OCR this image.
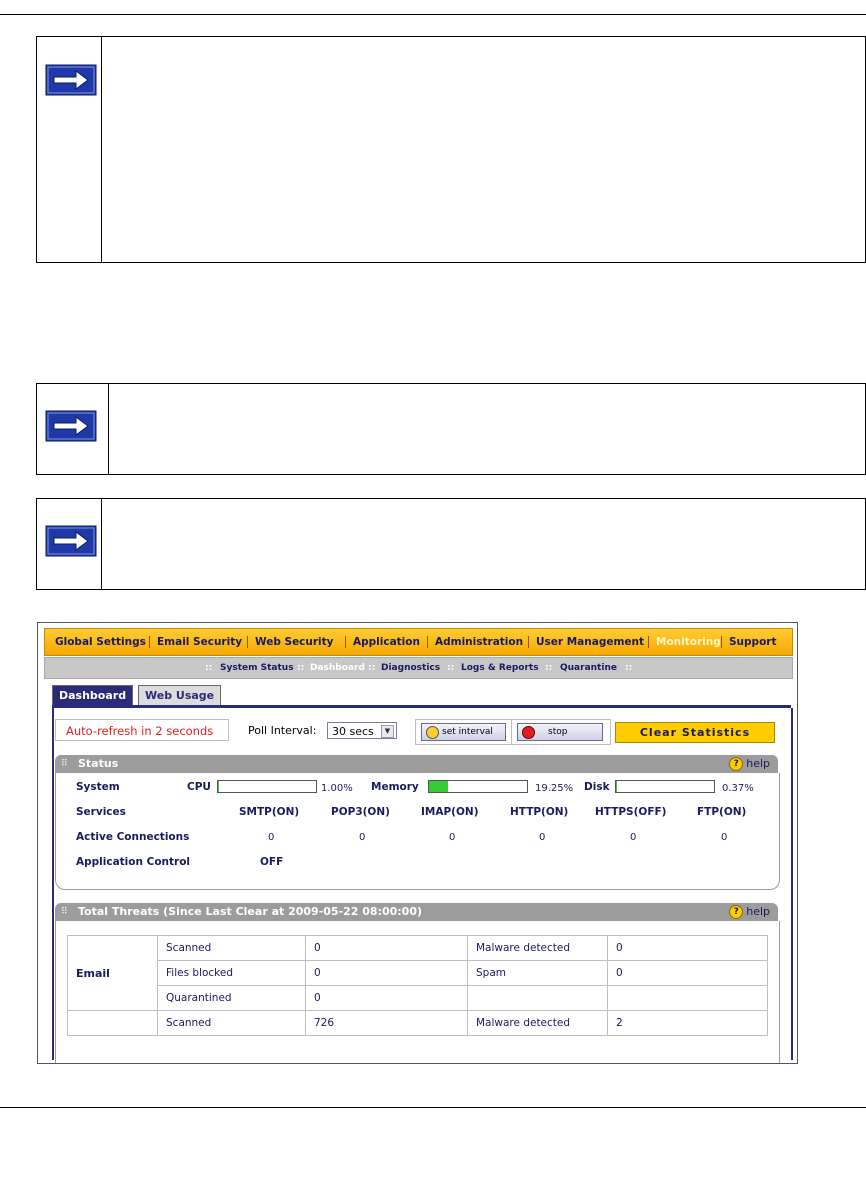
Global Settings Email Security Web Security Application Administration User Management Monitoring Support
:: System Status :: Dashboard :: Diagnostics :: Logs & Reports :: Quarantine ::
Dashboard	Web Usage
Auto-refresh in 2 seconds	Poll Interval:	30 secs	▼	set interval	stop	Clear Statistics
⠿ Status	? help
System	CPU	1.00% Memory	19.25% Disk	0.37%
Services	SMTP(ON)	POP3(ON)	IMAP(ON)	HTTP(ON)	HTTPS(OFF)	FTP(ON)
Active Connections	0	0	0	0	0	0
Application Control	OFF
⠿ Total Threats (Since Last Clear at 2009-05-22 08:00:00)	? help
Email	Scanned	0	Malware detected	0
	Files blocked	0	Spam	0
	Quarantined	0		
	Scanned	726	Malware detected	2
